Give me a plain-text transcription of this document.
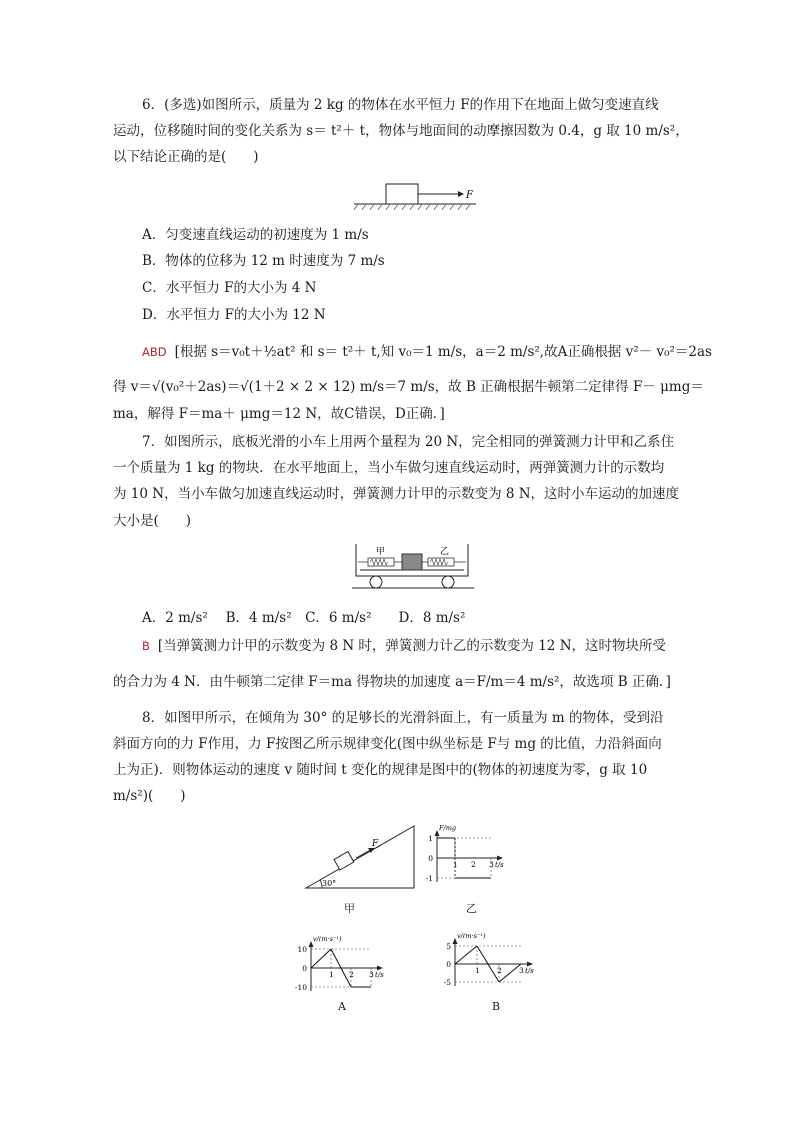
6．(多选)如图所示，质量为 2 kg 的物体在水平恒力 F的作用下在地面上做匀变速直线
运动，位移随时间的变化关系为 s＝ t²＋ t，物体与地面间的动摩擦因数为 0.4，g 取 10 m/s²，
以下结论正确的是(　　)
F
A．匀变速直线运动的初速度为 1 m/s
B．物体的位移为 12 m 时速度为 7 m/s
C．水平恒力 F的大小为 4 N
D．水平恒力 F的大小为 12 N
ABD [根据 s＝v₀t＋½at² 和 s＝ t²＋ t,知 v₀＝1 m/s，a＝2 m/s²,故A正确根据 v²－ v₀²＝2as
得 v＝√(v₀²＋2as)＝√(1＋2 × 2 × 12) m/s＝7 m/s，故 B 正确根据牛顿第二定律得 F－ μmg＝
ma，解得 F＝ma＋ μmg＝12 N，故C错误，D正确．]
7．如图所示，底板光滑的小车上用两个量程为 20 N，完全相同的弹簧测力计甲和乙系住
一个质量为 1 kg 的物块．在水平地面上，当小车做匀速直线运动时，两弹簧测力计的示数均
为 10 N，当小车做匀加速直线运动时，弹簧测力计甲的示数变为 8 N，这时小车运动的加速度
大小是(　　)
甲	乙
A．2 m/s²　 B．4 m/s²　C．6 m/s²　　D．8 m/s²
B [当弹簧测力计甲的示数变为 8 N 时，弹簧测力计乙的示数变为 12 N，这时物块所受
的合力为 4 N．由牛顿第二定律 F＝ma 得物块的加速度 a＝F/m＝4 m/s²，故选项 B 正确．]
8．如图甲所示，在倾角为 30° 的足够长的光滑斜面上，有一质量为 m 的物体，受到沿
斜面方向的力 F作用，力 F按图乙所示规律变化(图中纵坐标是 F与 mg 的比值，力沿斜面向
上为正)．则物体运动的速度 v 随时间 t 变化的规律是图中的(物体的初速度为零，g 取 10
m/s²)(　　)
F
30°
甲
1
0
-1
1 2 3 t/s
F/mg
乙
10
0
-10
1 2 3 t/s
v/(m·s⁻¹)
A
5
0
-5
1 2 3 t/s
v/(m·s⁻¹)
B
